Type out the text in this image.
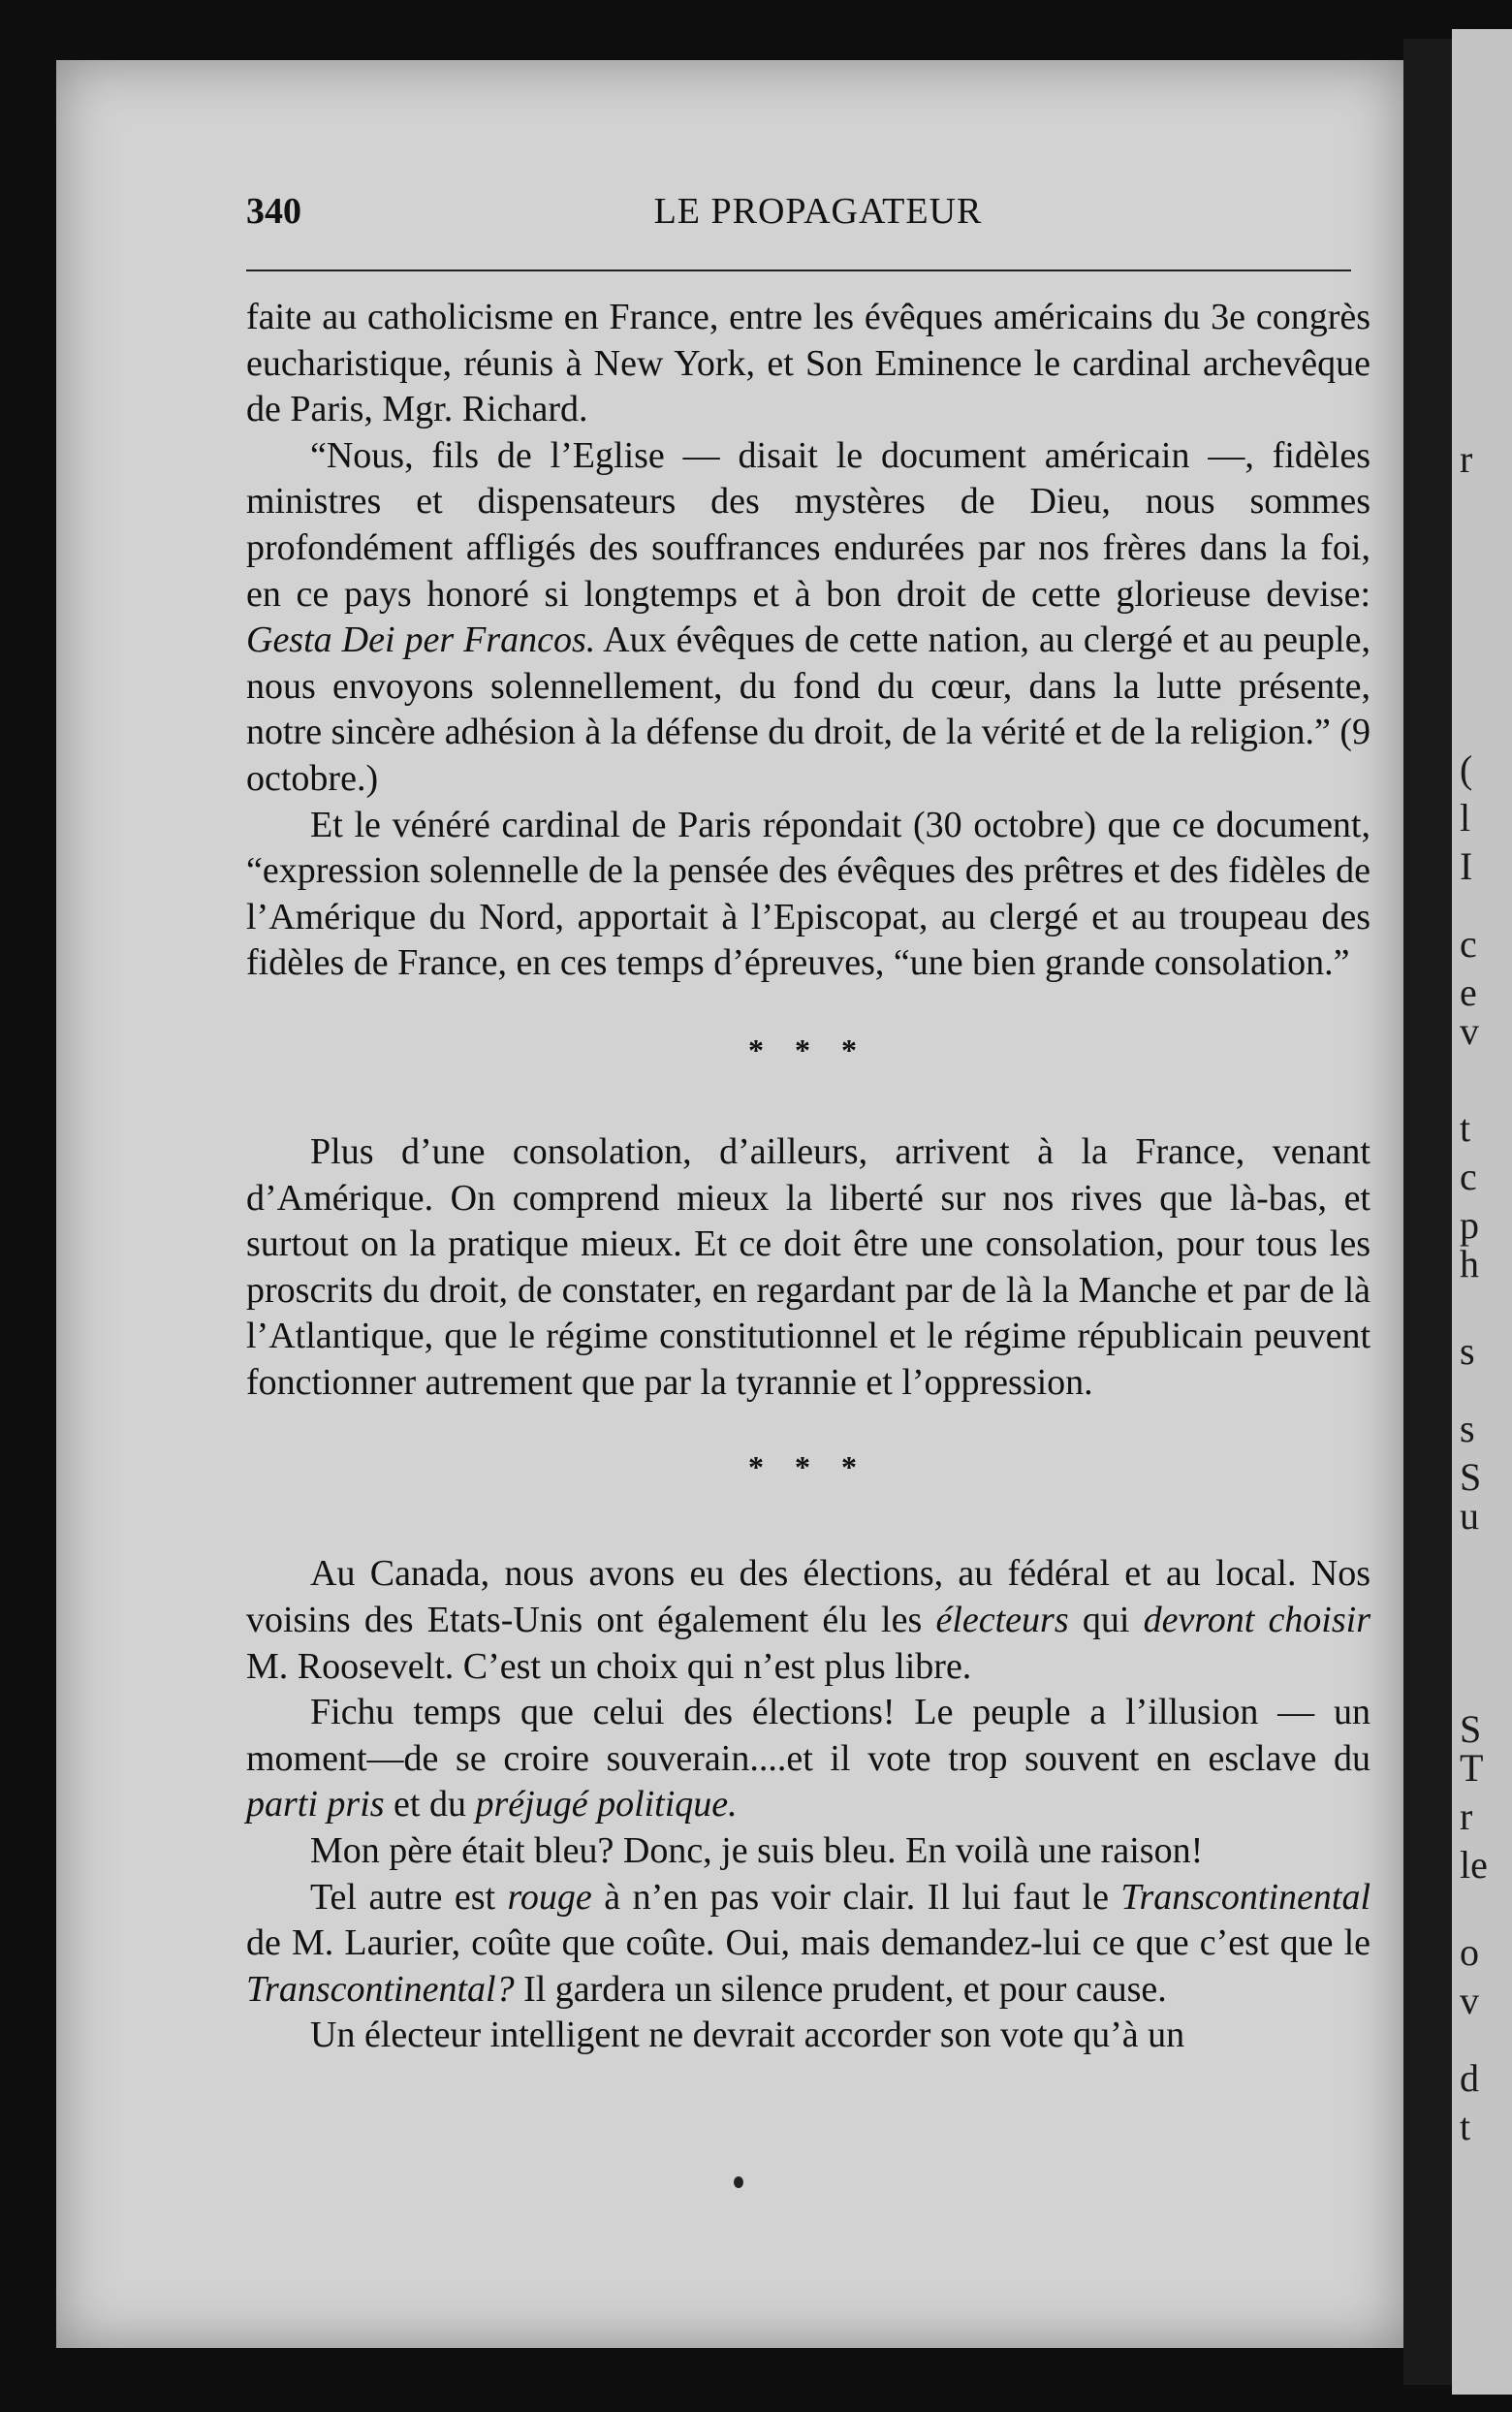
r
(
l
I
c
e
v
t
c
p
h
s
s
S
u
S
T
r
le
o
v
d
t
340	LE PROPAGATEUR

faite au catholicisme en France, entre les évêques américains du 3e congrès eucharistique, réunis à New York, et Son Eminence le cardinal archevêque de Paris, Mgr. Richard.

“Nous, fils de l’Eglise — disait le document américain —, fidèles ministres et dispensateurs des mystères de Dieu, nous sommes profondément affligés des souffrances endurées par nos frères dans la foi, en ce pays honoré si longtemps et à bon droit de cette glorieuse devise: Gesta Dei per Francos. Aux évêques de cette nation, au clergé et au peuple, nous envoyons solennellement, du fond du cœur, dans la lutte présente, notre sincère adhésion à la défense du droit, de la vérité et de la religion.” (9 octobre.)

Et le vénéré cardinal de Paris répondait (30 octobre) que ce document, “expression solennelle de la pensée des évêques des prêtres et des fidèles de l’Amérique du Nord, apportait à l’Episcopat, au clergé et au troupeau des fidèles de France, en ces temps d’épreuves, “une bien grande consolation.”

* * *

Plus d’une consolation, d’ailleurs, arrivent à la France, venant d’Amérique. On comprend mieux la liberté sur nos rives que là-bas, et surtout on la pratique mieux. Et ce doit être une consolation, pour tous les proscrits du droit, de constater, en regardant par de là la Manche et par de là l’Atlantique, que le régime constitutionnel et le régime républicain peuvent fonctionner autrement que par la tyrannie et l’oppression.

* * *

Au Canada, nous avons eu des élections, au fédéral et au local. Nos voisins des Etats-Unis ont également élu les électeurs qui devront choisir M. Roosevelt. C’est un choix qui n’est plus libre.

Fichu temps que celui des élections! Le peuple a l’illusion — un moment—de se croire souverain....et il vote trop souvent en esclave du parti pris et du préjugé politique.

Mon père était bleu? Donc, je suis bleu. En voilà une raison!

Tel autre est rouge à n’en pas voir clair. Il lui faut le Transcontinental de M. Laurier, coûte que coûte. Oui, mais demandez-lui ce que c’est que le Transcontinental? Il gardera un silence prudent, et pour cause.

Un électeur intelligent ne devrait accorder son vote qu’à un
